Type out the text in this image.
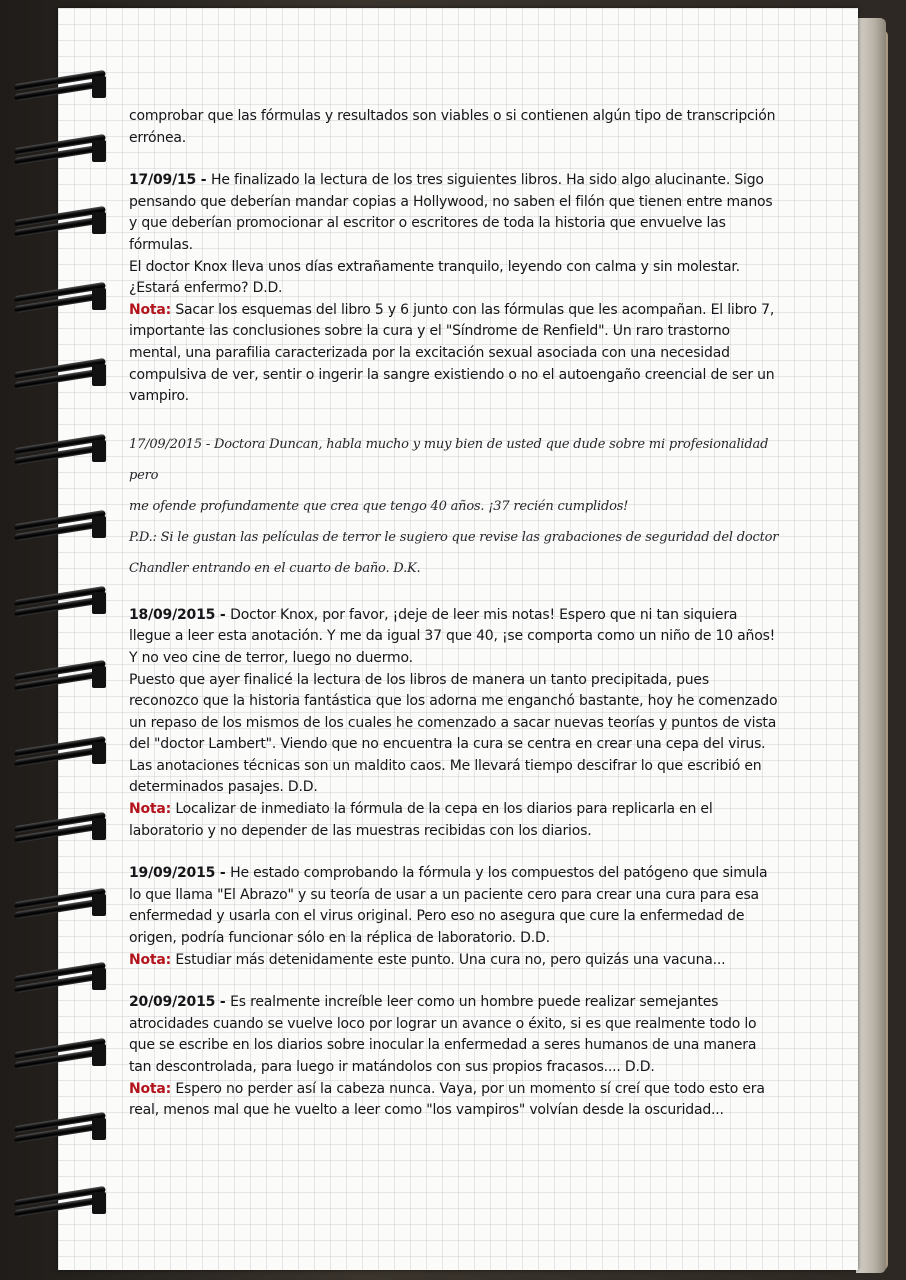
comprobar que las fórmulas y resultados son viables o si contienen algún tipo de transcripción errónea.

17/09/15 - He finalizado la lectura de los tres siguientes libros. Ha sido algo alucinante. Sigo pensando que deberían mandar copias a Hollywood, no saben el filón que tienen entre manos y que deberían promocionar al escritor o escritores de toda la historia que envuelve las fórmulas.
El doctor Knox lleva unos días extrañamente tranquilo, leyendo con calma y sin molestar. ¿Estará enfermo? D.D.
Nota: Sacar los esquemas del libro 5 y 6 junto con las fórmulas que les acompañan. El libro 7, importante las conclusiones sobre la cura y el "Síndrome de Renfield". Un raro trastorno mental, una parafilia caracterizada por la excitación sexual asociada con una necesidad compulsiva de ver, sentir o ingerir la sangre existiendo o no el autoengaño creencial de ser un vampiro.
17/09/2015 - Doctora Duncan, habla mucho y muy bien de usted que dude sobre mi profesionalidad pero
me ofende profundamente que crea que tengo 40 años. ¡37 recién cumplidos!
P.D.: Si le gustan las películas de terror le sugiero que revise las grabaciones de seguridad del doctor
Chandler entrando en el cuarto de baño. D.K.
18/09/2015 - Doctor Knox, por favor, ¡deje de leer mis notas! Espero que ni tan siquiera llegue a leer esta anotación. Y me da igual 37 que 40, ¡se comporta como un niño de 10 años! Y no veo cine de terror, luego no duermo.
Puesto que ayer finalicé la lectura de los libros de manera un tanto precipitada, pues reconozco que la historia fantástica que los adorna me enganchó bastante, hoy he comenzado un repaso de los mismos de los cuales he comenzado a sacar nuevas teorías y puntos de vista del "doctor Lambert". Viendo que no encuentra la cura se centra en crear una cepa del virus.
Las anotaciones técnicas son un maldito caos. Me llevará tiempo descifrar lo que escribió en determinados pasajes. D.D.
Nota: Localizar de inmediato la fórmula de la cepa en los diarios para replicarla en el laboratorio y no depender de las muestras recibidas con los diarios.
19/09/2015 - He estado comprobando la fórmula y los compuestos del patógeno que simula lo que llama "El Abrazo" y su teoría de usar a un paciente cero para crear una cura para esa enfermedad y usarla con el virus original. Pero eso no asegura que cure la enfermedad de origen, podría funcionar sólo en la réplica de laboratorio. D.D.
Nota: Estudiar más detenidamente este punto. Una cura no, pero quizás una vacuna...
20/09/2015 - Es realmente increíble leer como un hombre puede realizar semejantes atrocidades cuando se vuelve loco por lograr un avance o éxito, si es que realmente todo lo que se escribe en los diarios sobre inocular la enfermedad a seres humanos de una manera tan descontrolada, para luego ir matándolos con sus propios fracasos.... D.D.
Nota: Espero no perder así la cabeza nunca. Vaya, por un momento sí creí que todo esto era real, menos mal que he vuelto a leer como "los vampiros" volvían desde la oscuridad...
